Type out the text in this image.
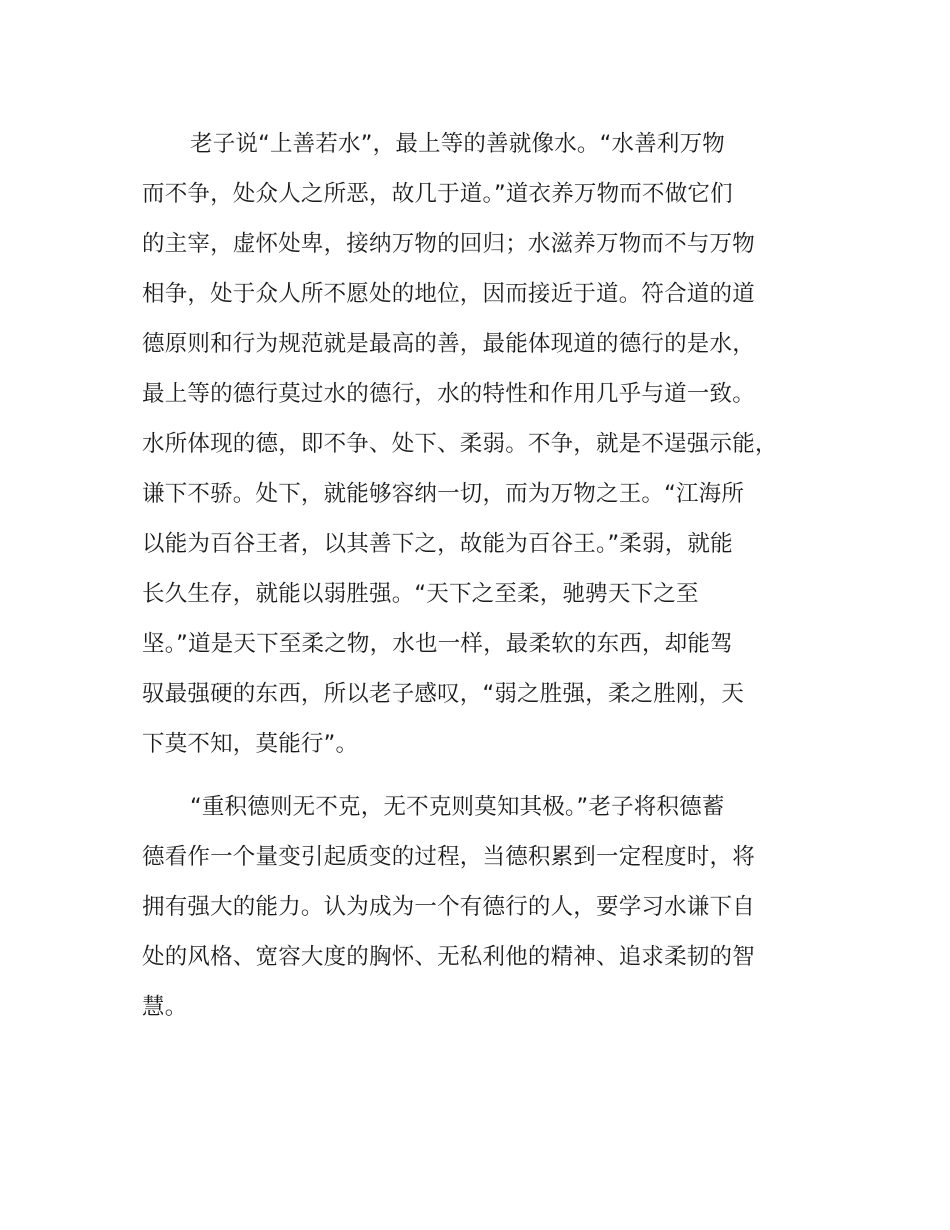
老子说“上善若水”，最上等的善就像水。“水善利万物
而不争，处众人之所恶，故几于道。”道衣养万物而不做它们
的主宰，虚怀处卑，接纳万物的回归；水滋养万物而不与万物
相争，处于众人所不愿处的地位，因而接近于道。符合道的道
德原则和行为规范就是最高的善，最能体现道的德行的是水，
最上等的德行莫过水的德行，水的特性和作用几乎与道一致。
水所体现的德，即不争、处下、柔弱。不争，就是不逞强示能，
谦下不骄。处下，就能够容纳一切，而为万物之王。“江海所
以能为百谷王者，以其善下之，故能为百谷王。”柔弱，就能
长久生存，就能以弱胜强。“天下之至柔，驰骋天下之至
坚。”道是天下至柔之物，水也一样，最柔软的东西，却能驾
驭最强硬的东西，所以老子感叹，“弱之胜强，柔之胜刚，天
下莫不知，莫能行”。
“重积德则无不克，无不克则莫知其极。”老子将积德蓄
德看作一个量变引起质变的过程，当德积累到一定程度时，将
拥有强大的能力。认为成为一个有德行的人，要学习水谦下自
处的风格、宽容大度的胸怀、无私利他的精神、追求柔韧的智
慧。
